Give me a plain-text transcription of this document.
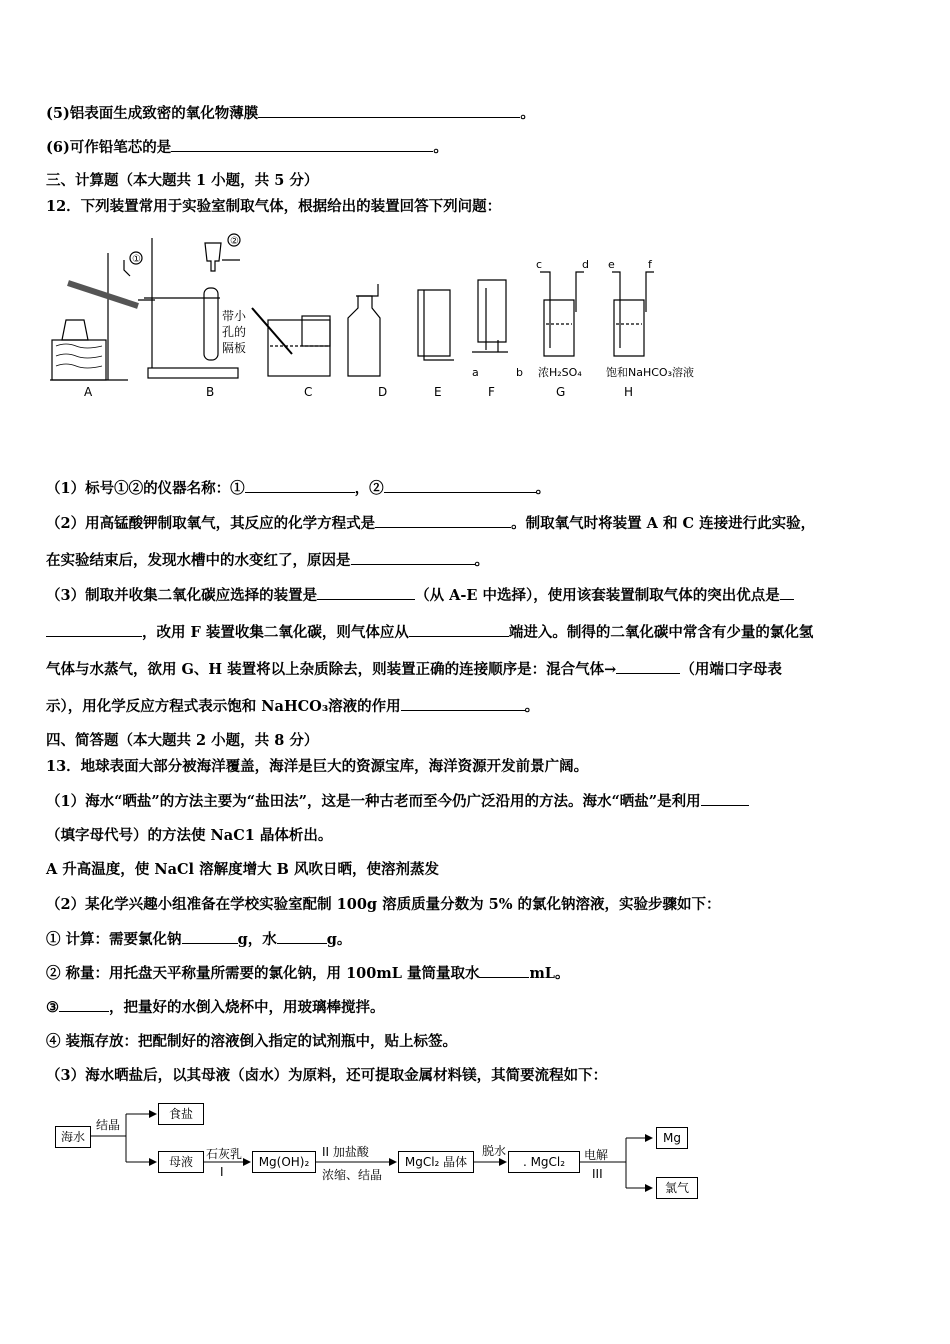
(5)铝表面生成致密的氧化物薄膜	。
(6)可作铅笔芯的是	。
三、计算题（本大题共 1 小题，共 5 分）
12．下列装置常用于实验室制取气体，根据给出的装置回答下列问题：
①
A
②
带小
孔的
隔板
B	C	D	E
a	b
F
c	d
浓H₂SO₄
G
e	f
饱和NaHCO₃溶液
H
（1）标号①②的仪器名称：①	，②	。
（2）用高锰酸钾制取氧气，其反应的化学方程式是	。制取氧气时将装置 A 和 C 连接进行此实验，
在实验结束后，发现水槽中的水变红了，原因是	。
（3）制取并收集二氧化碳应选择的装置是	（从 A-E 中选择），使用该套装置制取气体的突出优点是
，改用 F 装置收集二氧化碳，则气体应从	端进入。制得的二氧化碳中常含有少量的氯化氢
气体与水蒸气，欲用 G、H 装置将以上杂质除去，则装置正确的连接顺序是：混合气体→	（用端口字母表
示），用化学反应方程式表示饱和 NaHCO₃溶液的作用	。
四、简答题（本大题共 2 小题，共 8 分）
13．地球表面大部分被海洋覆盖，海洋是巨大的资源宝库，海洋资源开发前景广阔。
（1）海水“晒盐”的方法主要为“盐田法”，这是一种古老而至今仍广泛沿用的方法。海水“晒盐”是利用
（填字母代号）的方法使 NaC1 晶体析出。
A 升高温度，使 NaCl 溶解度增大 B 风吹日晒，使溶剂蒸发
（2）某化学兴趣小组准备在学校实验室配制 100g 溶质质量分数为 5% 的氯化钠溶液，实验步骤如下：
① 计算：需要氯化钠	g，水	g。
② 称量：用托盘天平称量所需要的氯化钠，用 100mL 量筒量取水	mL。
③	，把量好的水倒入烧杯中，用玻璃棒搅拌。
④ 装瓶存放：把配制好的溶液倒入指定的试剂瓶中，贴上标签。
（3）海水晒盐后，以其母液（卤水）为原料，还可提取金属材料镁，其简要流程如下：
海水
结晶
食盐
母液
石灰乳
I
Mg(OH)₂
II 加盐酸
浓缩、结晶
MgCl₂ 晶体
脱水
. MgCl₂	电解
III
Mg
氯气
